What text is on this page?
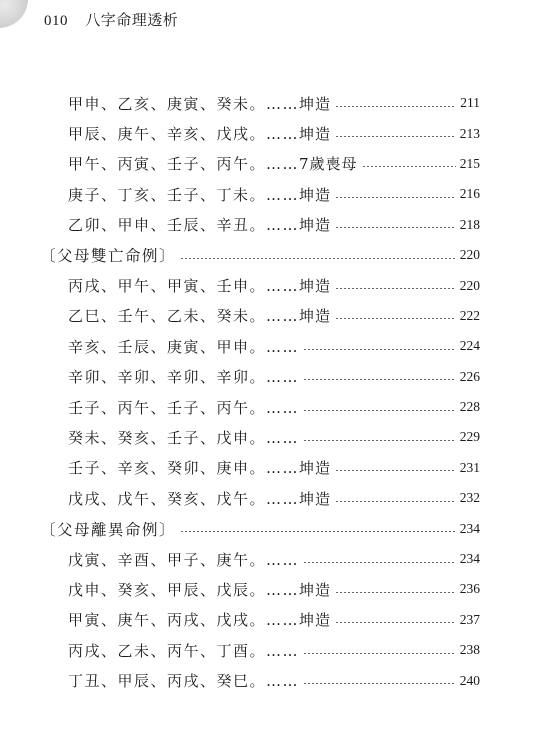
010 八字命理透析
甲申、乙亥、庚寅、癸未。…… 坤造	211
甲辰、庚午、辛亥、戊戌。…… 坤造	213
甲午、丙寅、壬子、丙午。…… 7歲喪母	215
庚子、丁亥、壬子、丁未。…… 坤造	216
乙卯、甲申、壬辰、辛丑。…… 坤造	218
〔父母雙亡命例〕	220
丙戌、甲午、甲寅、壬申。…… 坤造	220
乙巳、壬午、乙未、癸未。…… 坤造	222
辛亥、壬辰、庚寅、甲申。……	224
辛卯、辛卯、辛卯、辛卯。……	226
壬子、丙午、壬子、丙午。……	228
癸未、癸亥、壬子、戊申。……	229
壬子、辛亥、癸卯、庚申。…… 坤造	231
戊戌、戊午、癸亥、戊午。…… 坤造	232
〔父母離異命例〕	234
戊寅、辛酉、甲子、庚午。……	234
戊申、癸亥、甲辰、戊辰。…… 坤造	236
甲寅、庚午、丙戌、戊戌。…… 坤造	237
丙戌、乙未、丙午、丁酉。……	238
丁丑、甲辰、丙戌、癸巳。……	240
